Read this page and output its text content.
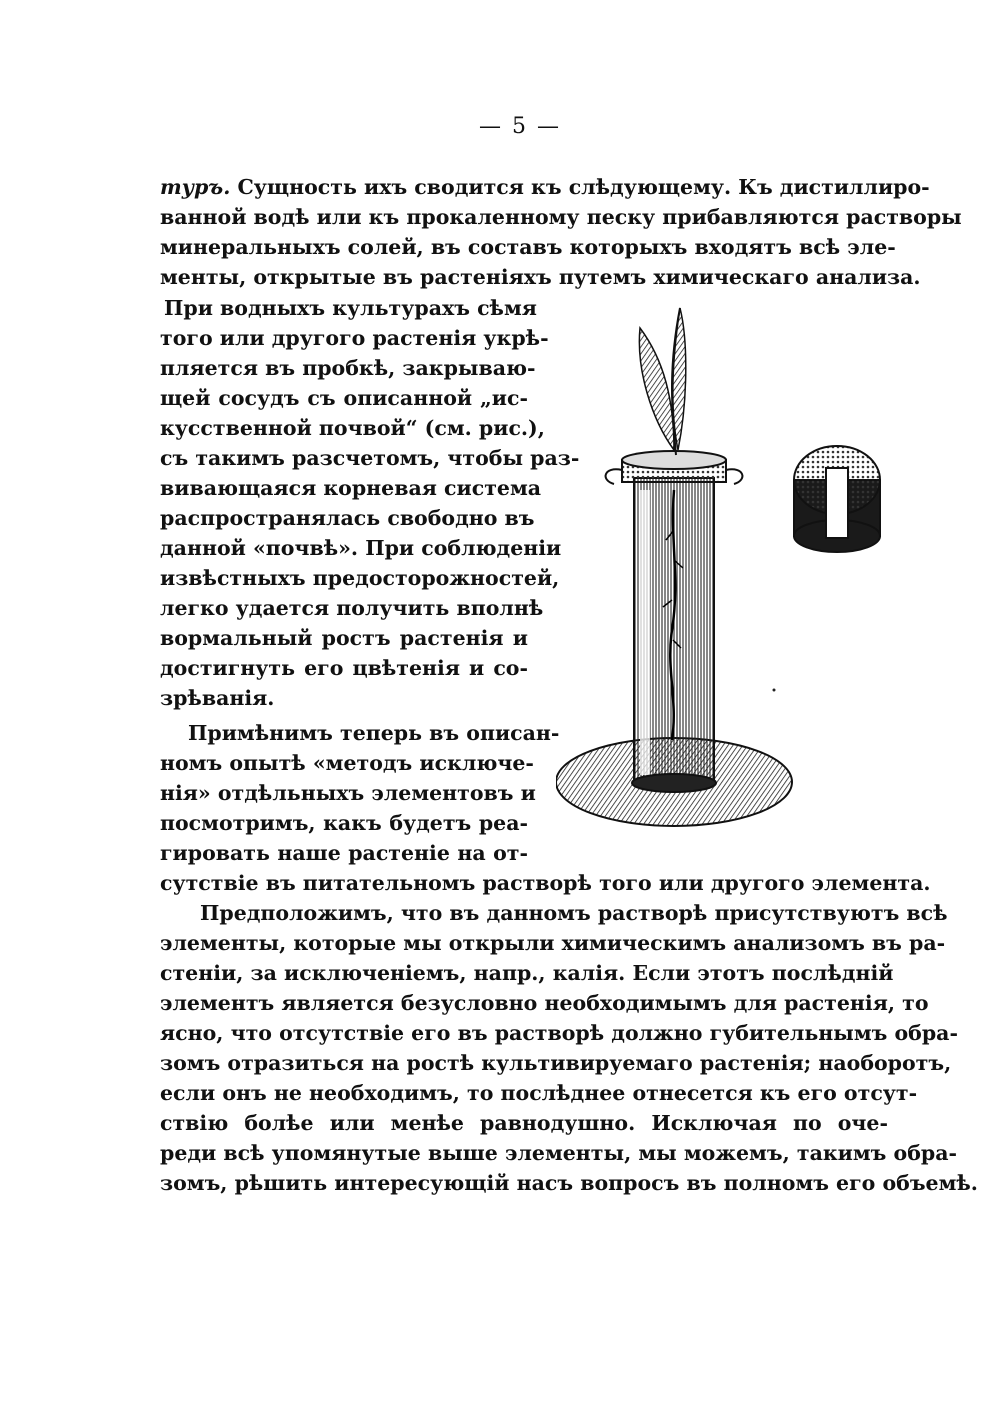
— 5 —
туръ. Сущность ихъ сводится къ слѣдующему. Къ дистиллиро-
ванной водѣ или къ прокаленному песку прибавляются растворы
минеральныхъ солей, въ составъ которыхъ входятъ всѣ эле-
менты, открытые въ растеніяхъ путемъ химическаго анализа.
При водныхъ культурахъ сѣмя
того или другого растенія укрѣ-
пляется въ пробкѣ, закрываю-
щей сосудъ съ описанной „ис-
кусственной почвой“ (см. рис.),
съ такимъ разсчетомъ, чтобы раз-
вивающаяся корневая система
распространялась свободно въ
данной «почвѣ». При соблюденіи
извѣстныхъ предосторожностей,
легко удается получить вполнѣ
вормальный ростъ растенія и
достигнуть его цвѣтенія и со-
зрѣванія.
Примѣнимъ теперь въ описан-
номъ опытѣ «методъ исключе-
нія» отдѣльныхъ элементовъ и
посмотримъ, какъ будетъ реа-
гировать наше растеніе на от-
сутствіе въ питательномъ растворѣ того или другого элемента.
Предположимъ, что въ данномъ растворѣ присутствуютъ всѣ
элементы, которые мы открыли химическимъ анализомъ въ ра-
стеніи, за исключеніемъ, напр., калія. Если этотъ послѣдній
элементъ является безусловно необходимымъ для растенія, то
ясно, что отсутствіе его въ растворѣ должно губительнымъ обра-
зомъ отразиться на ростѣ культивируемаго растенія; наоборотъ,
если онъ не необходимъ, то послѣднее отнесется къ его отсут-
ствію болѣе или менѣе равнодушно. Исключая по оче-
реди всѣ упомянутые выше элементы, мы можемъ, такимъ обра-
зомъ, рѣшить интересующій насъ вопросъ въ полномъ его объемѣ.
